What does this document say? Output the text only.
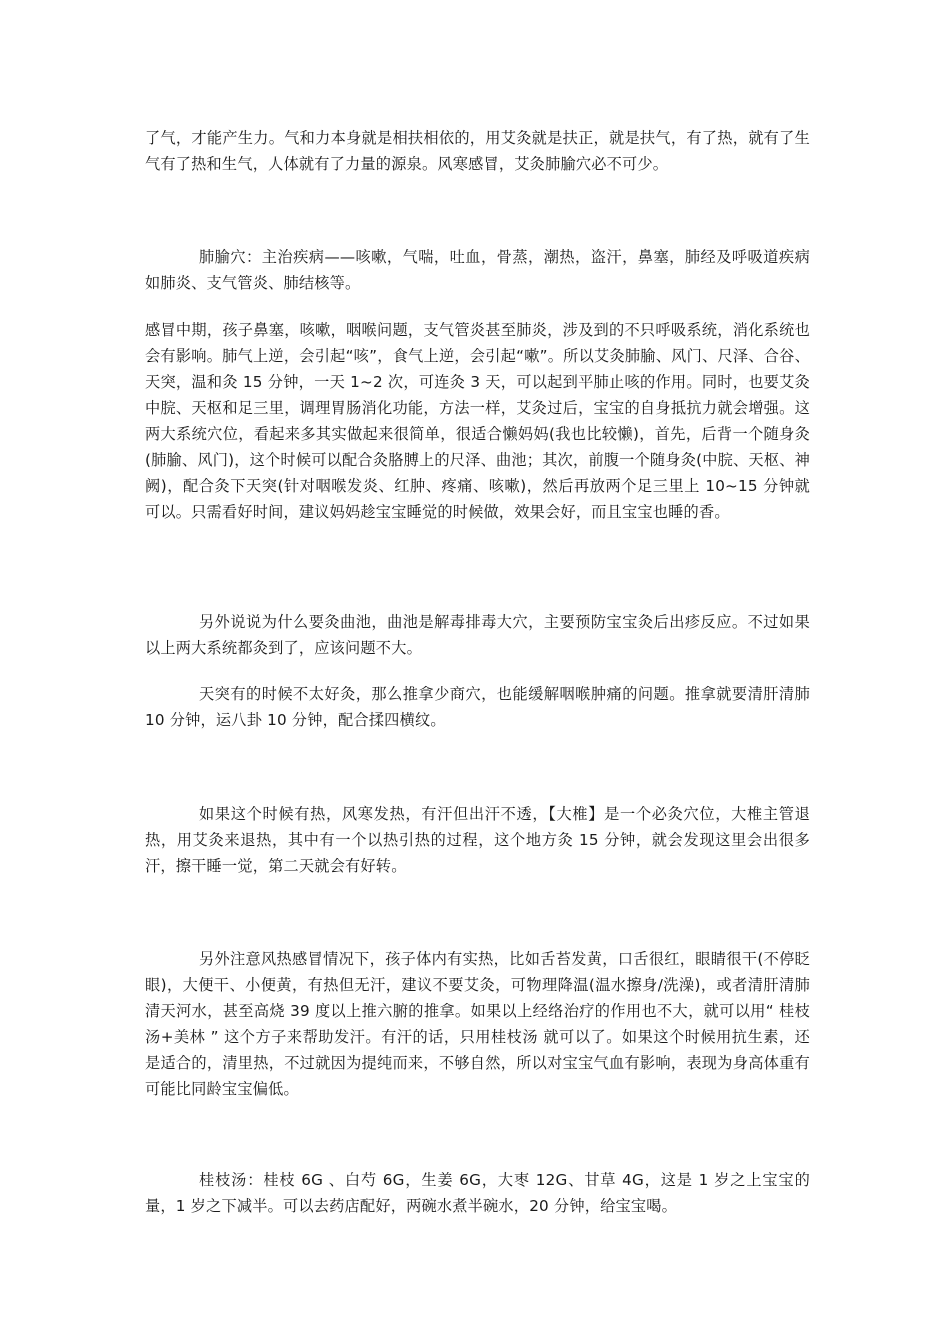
了气，才能产生力。气和力本身就是相扶相依的，用艾灸就是扶正，就是扶气，有了热，就有了生气有了热和生气，人体就有了力量的源泉。风寒感冒，艾灸肺腧穴必不可少。

肺腧穴：主治疾病——咳嗽，气喘，吐血，骨蒸，潮热，盗汗，鼻塞，肺经及呼吸道疾病如肺炎、支气管炎、肺结核等。

感冒中期，孩子鼻塞，咳嗽，咽喉问题，支气管炎甚至肺炎，涉及到的不只呼吸系统，消化系统也会有影响。肺气上逆，会引起“咳”，食气上逆，会引起“嗽”。所以艾灸肺腧、风门、尺泽、合谷、天突，温和灸 15 分钟，一天 1~2 次，可连灸 3 天，可以起到平肺止咳的作用。同时，也要艾灸中脘、天枢和足三里，调理胃肠消化功能，方法一样，艾灸过后，宝宝的自身抵抗力就会增强。这两大系统穴位，看起来多其实做起来很简单，很适合懒妈妈(我也比较懒)，首先，后背一个随身灸(肺腧、风门)，这个时候可以配合灸胳膊上的尺泽、曲池；其次，前腹一个随身灸(中脘、天枢、神阙)，配合灸下天突(针对咽喉发炎、红肿、疼痛、咳嗽)，然后再放两个足三里上 10~15 分钟就可以。只需看好时间，建议妈妈趁宝宝睡觉的时候做，效果会好，而且宝宝也睡的香。

另外说说为什么要灸曲池，曲池是解毒排毒大穴，主要预防宝宝灸后出疹反应。不过如果以上两大系统都灸到了，应该问题不大。

天突有的时候不太好灸，那么推拿少商穴，也能缓解咽喉肿痛的问题。推拿就要清肝清肺 10 分钟，运八卦 10 分钟，配合揉四横纹。

如果这个时候有热，风寒发热，有汗但出汗不透，【大椎】是一个必灸穴位，大椎主管退热，用艾灸来退热，其中有一个以热引热的过程，这个地方灸 15 分钟，就会发现这里会出很多汗，擦干睡一觉，第二天就会有好转。

另外注意风热感冒情况下，孩子体内有实热，比如舌苔发黄，口舌很红，眼睛很干(不停眨眼)，大便干、小便黄，有热但无汗，建议不要艾灸，可物理降温(温水擦身/洗澡)，或者清肝清肺清天河水，甚至高烧 39 度以上推六腑的推拿。如果以上经络治疗的作用也不大，就可以用“ 桂枝汤+美林 ” 这个方子来帮助发汗。有汗的话，只用桂枝汤 就可以了。如果这个时候用抗生素，还是适合的，清里热，不过就因为提纯而来，不够自然，所以对宝宝气血有影响，表现为身高体重有可能比同龄宝宝偏低。

桂枝汤：桂枝 6G 、白芍 6G，生姜 6G，大枣 12G、甘草 4G，这是 1 岁之上宝宝的量，1 岁之下减半。可以去药店配好，两碗水煮半碗水，20 分钟，给宝宝喝。
